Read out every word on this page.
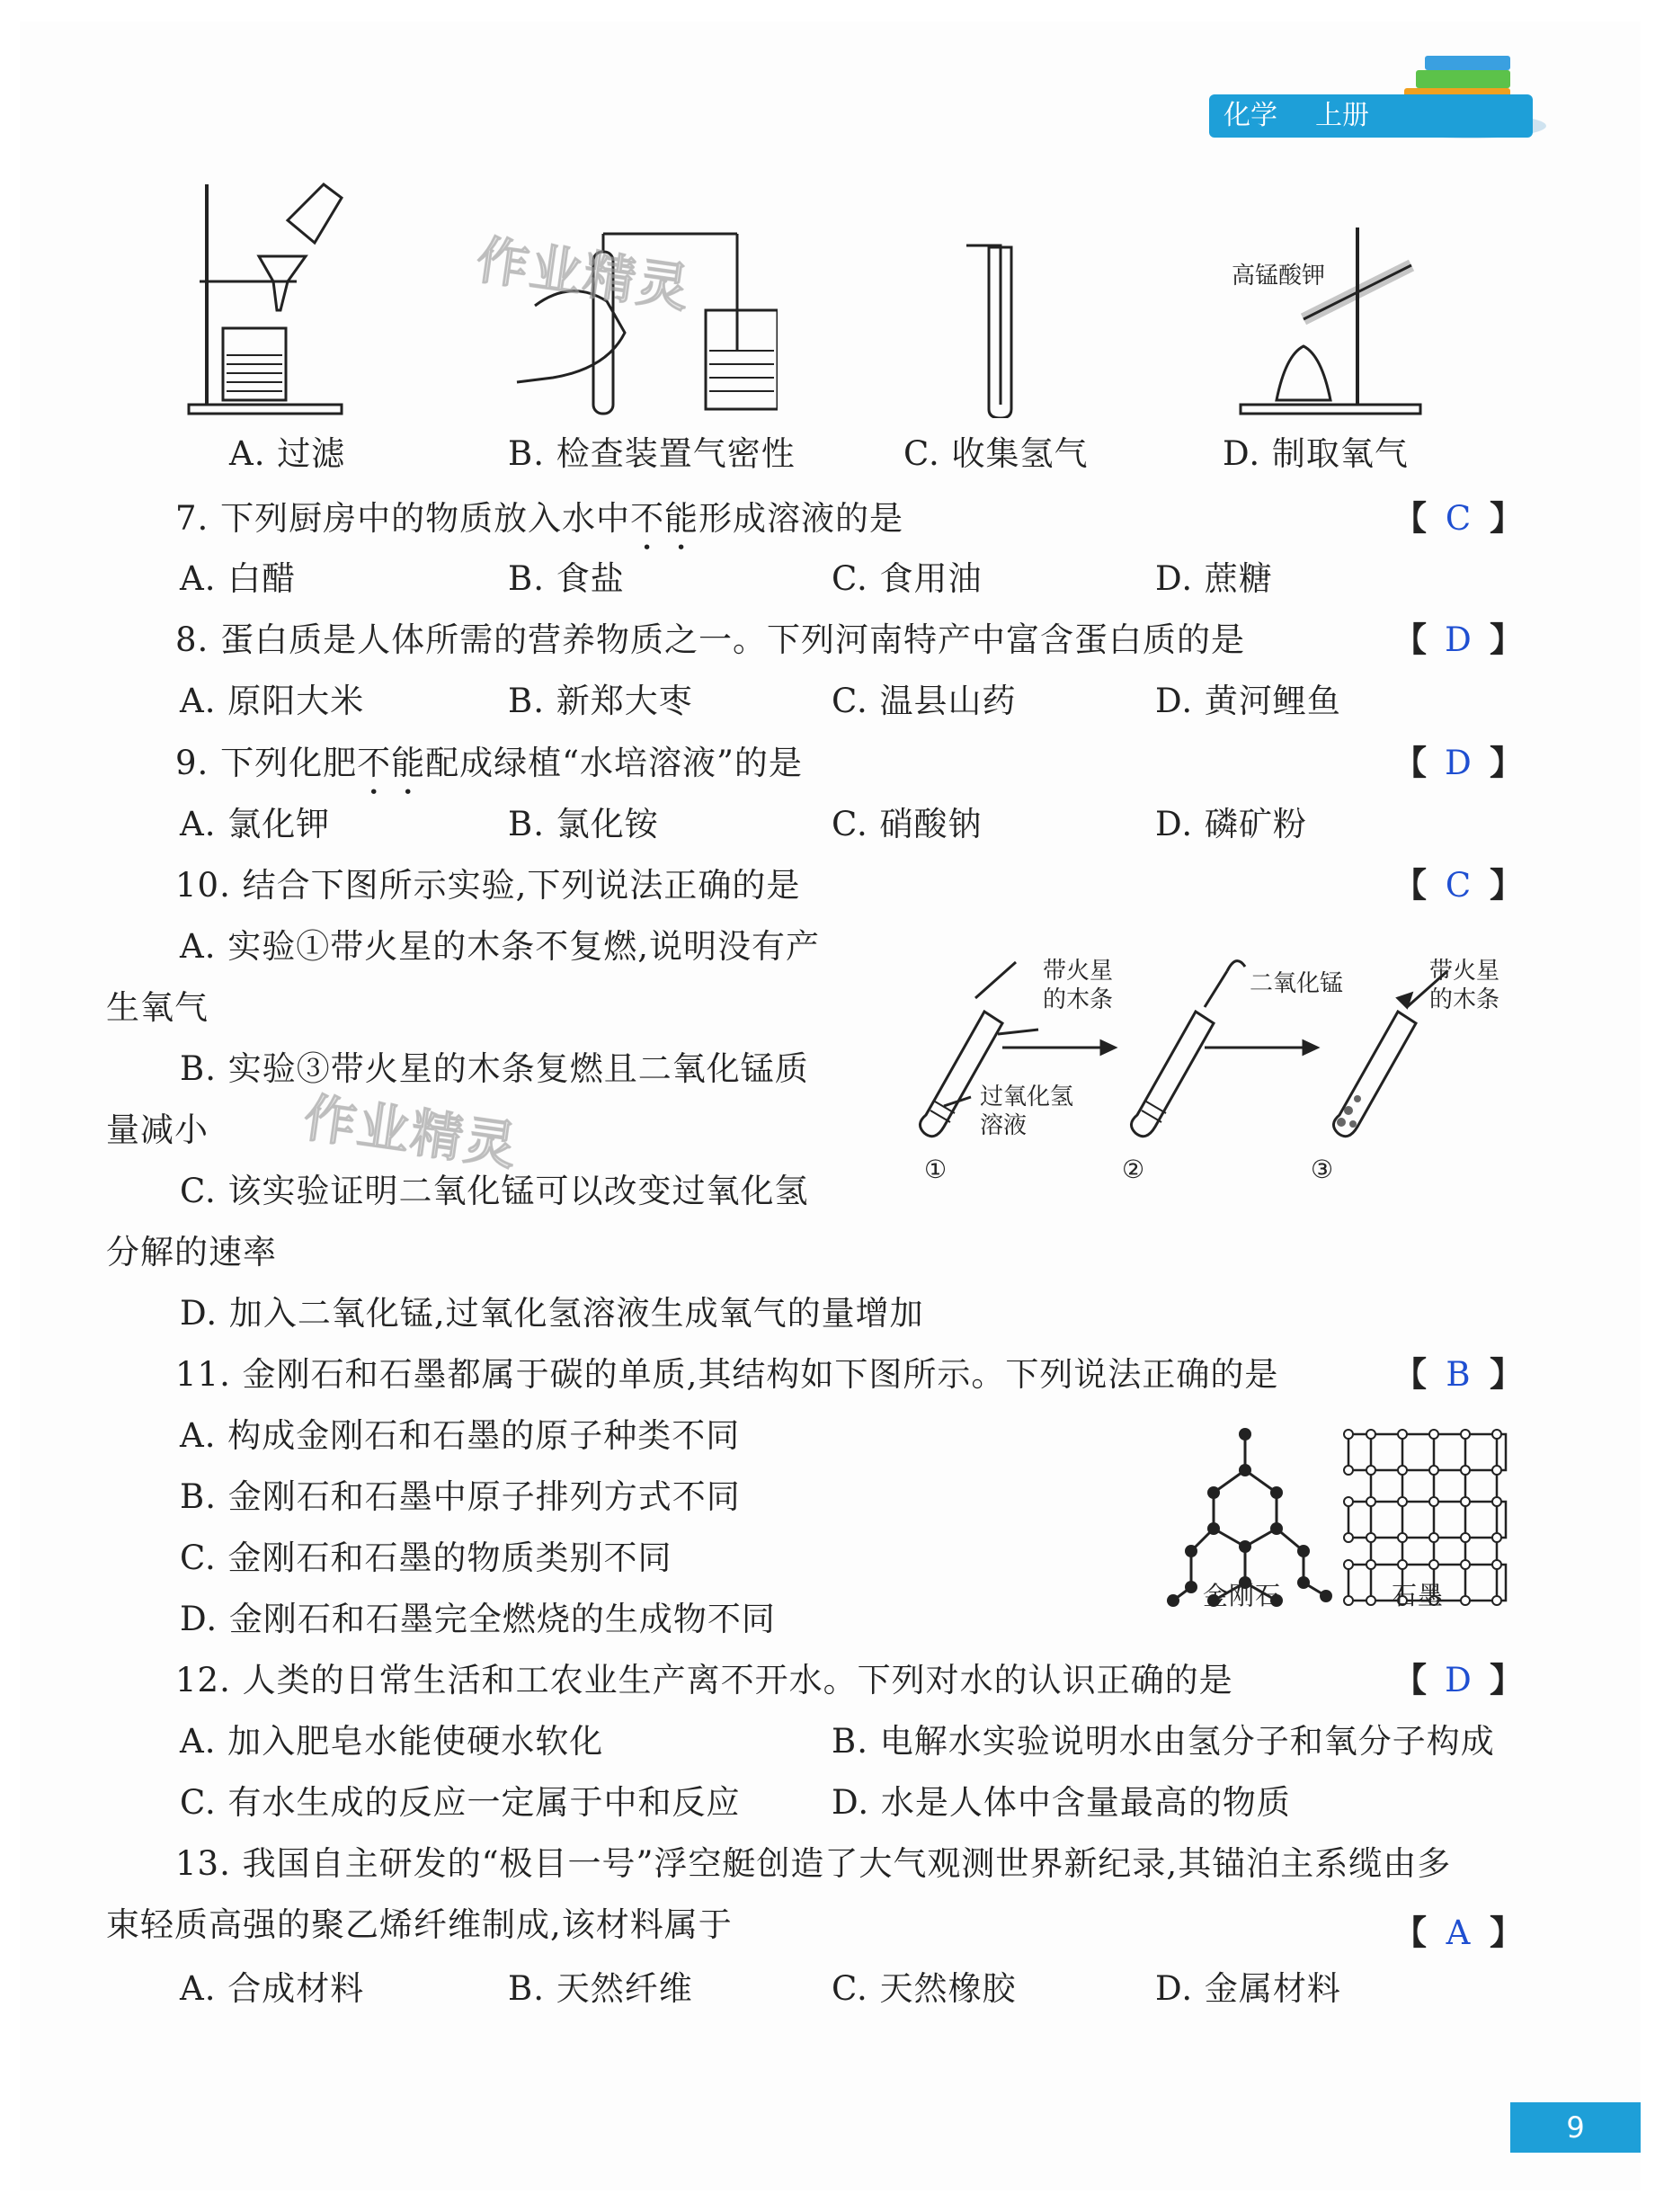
化学 上册
作业精灵	高锰酸钾
A. 过滤	B. 检查装置气密性	C. 收集氢气	D. 制取氧气
7. 下列厨房中的物质放入水中不能形成溶液的是	【 C 】
A. 白醋	B. 食盐	C. 食用油	D. 蔗糖
8. 蛋白质是人体所需的营养物质之一。下列河南特产中富含蛋白质的是	【 D 】
A. 原阳大米	B. 新郑大枣	C. 温县山药	D. 黄河鲤鱼
9. 下列化肥不能配成绿植“水培溶液”的是	【 D 】
A. 氯化钾	B. 氯化铵	C. 硝酸钠	D. 磷矿粉
10. 结合下图所示实验,下列说法正确的是	【 C 】
A. 实验①带火星的木条不复燃,说明没有产
生氧气
B. 实验③带火星的木条复燃且二氧化锰质
量减小
C. 该实验证明二氧化锰可以改变过氧化氢
分解的速率
D. 加入二氧化锰,过氧化氢溶液生成氧气的量增加
作业精灵
带火星
的木条
二氧化锰	带火星
的木条
过氧化氢
溶液
①	②	③
11. 金刚石和石墨都属于碳的单质,其结构如下图所示。下列说法正确的是	【 B 】
A. 构成金刚石和石墨的原子种类不同
B. 金刚石和石墨中原子排列方式不同
C. 金刚石和石墨的物质类别不同
D. 金刚石和石墨完全燃烧的生成物不同
金刚石	石墨
12. 人类的日常生活和工农业生产离不开水。下列对水的认识正确的是	【 D 】
A. 加入肥皂水能使硬水软化	B. 电解水实验说明水由氢分子和氧分子构成
C. 有水生成的反应一定属于中和反应	D. 水是人体中含量最高的物质
13. 我国自主研发的“极目一号”浮空艇创造了大气观测世界新纪录,其锚泊主系缆由多
束轻质高强的聚乙烯纤维制成,该材料属于	【 A 】
A. 合成材料	B. 天然纤维	C. 天然橡胶	D. 金属材料
9
